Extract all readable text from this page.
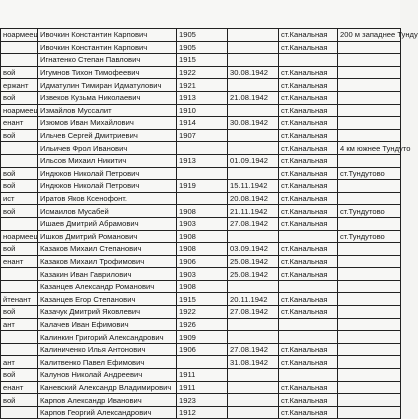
ноармеец	Ивочкин Константин Карпович	1905		ст.Канальная	200 м западнее Тунду
	Ивочкин Константин Карпович	1905		ст.Канальная	
	Игнатенко Степан Павлович	1915			
вой	Игумнов Тихон Тимофеевич	1922	30.08.1942	ст.Канальная	
ержант	Идматулин Тимиран Идматулович	1921		ст.Канальная	
вой	Извеков Кузьма Николаевич	1913	21.08.1942	ст.Канальная	
ноармеец	Измайлов Муссалит	1910		ст.Канальная	
енант	Изюмов Иван Михайлович	1914	30.08.1942	ст.Канальная	
вой	Ильчев Сергей Дмитриевич	1907		ст.Канальная	
	Ильичев Фрол Иванович			ст.Канальная	4 км южнее Тундуто
	Ильсов Михаил Никитич	1913	01.09.1942	ст.Канальная	
вой	Индюков Николай Петрович			ст.Канальная	ст.Тундутово
вой	Индюков Николай Петрович	1919	15.11.1942	ст.Канальная	
ист	Иратов Яков Ксенофонт.		20.08.1942	ст.Канальная	
вой	Исмаилов Мусабей	1908	21.11.1942	ст.Канальная	ст.Тундутово
	Ишаев Дмитрий Абрамович	1903	27.08.1942	ст.Канальная	
ноармеец	Ишков Дмитрий Романович	1908			ст.Тундутово
вой	Казаков Михаил Степанович	1908	03.09.1942	ст.Канальная	
енант	Казаков Михаил Трофимович	1906	25.08.1942	ст.Канальная	
	Казакин Иван Гаврилович	1903	25.08.1942	ст.Канальная	
	Казанцев Александр Романович	1908			
йтенант	Казанцев Егор Степанович	1915	20.11.1942	ст.Канальная	
вой	Казачук Дмитрий Яковлевич	1922	27.08.1942	ст.Канальная	
ант	Калачев Иван Ефимович	1926			
	Калинкин Григорий Александрович	1909			
	Калиниченко Илья Антонович	1906	27.08.1942	ст.Канальная	
ант	Калитвенко Павел Ефимович		31.08.1942	ст.Канальная	
вой	Калунов Николай Андреевич	1911			
енант	Каневский Александр Владимирович	1911		ст.Канальная	
вой	Карпов Александр Иванович	1923		ст.Канальная	
	Карпов Георгий Александрович	1912		ст.Канальная	
